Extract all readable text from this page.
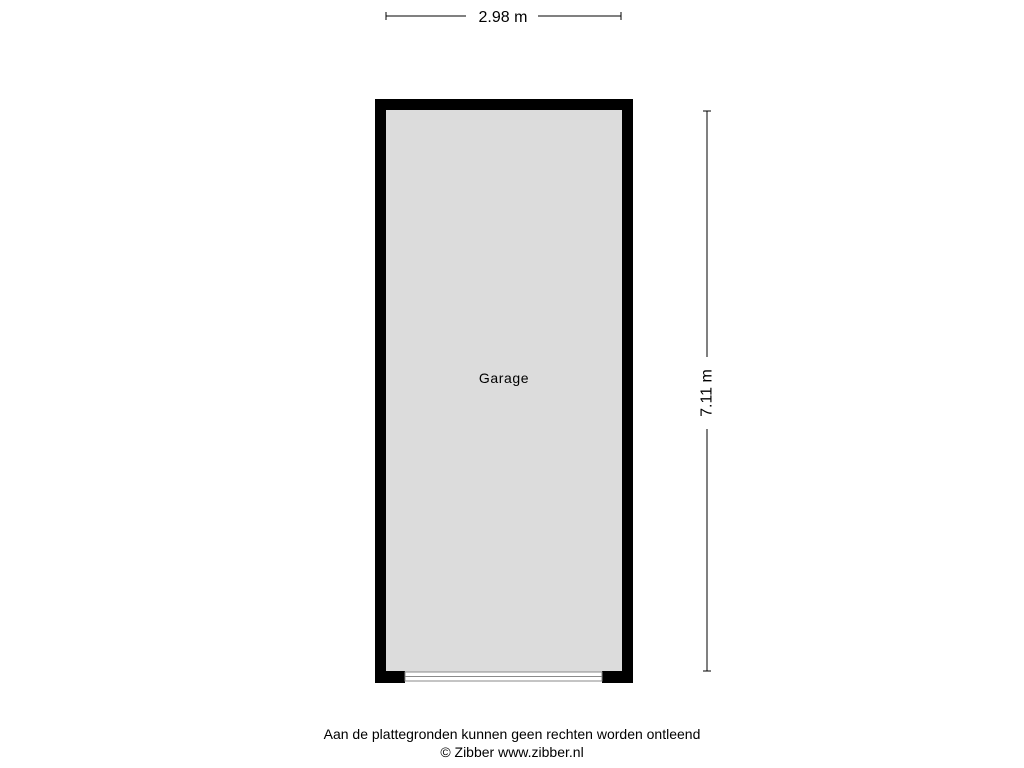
2.98 m
Garage	7.11 m
Aan de plattegronden kunnen geen rechten worden ontleend
© Zibber www.zibber.nl
